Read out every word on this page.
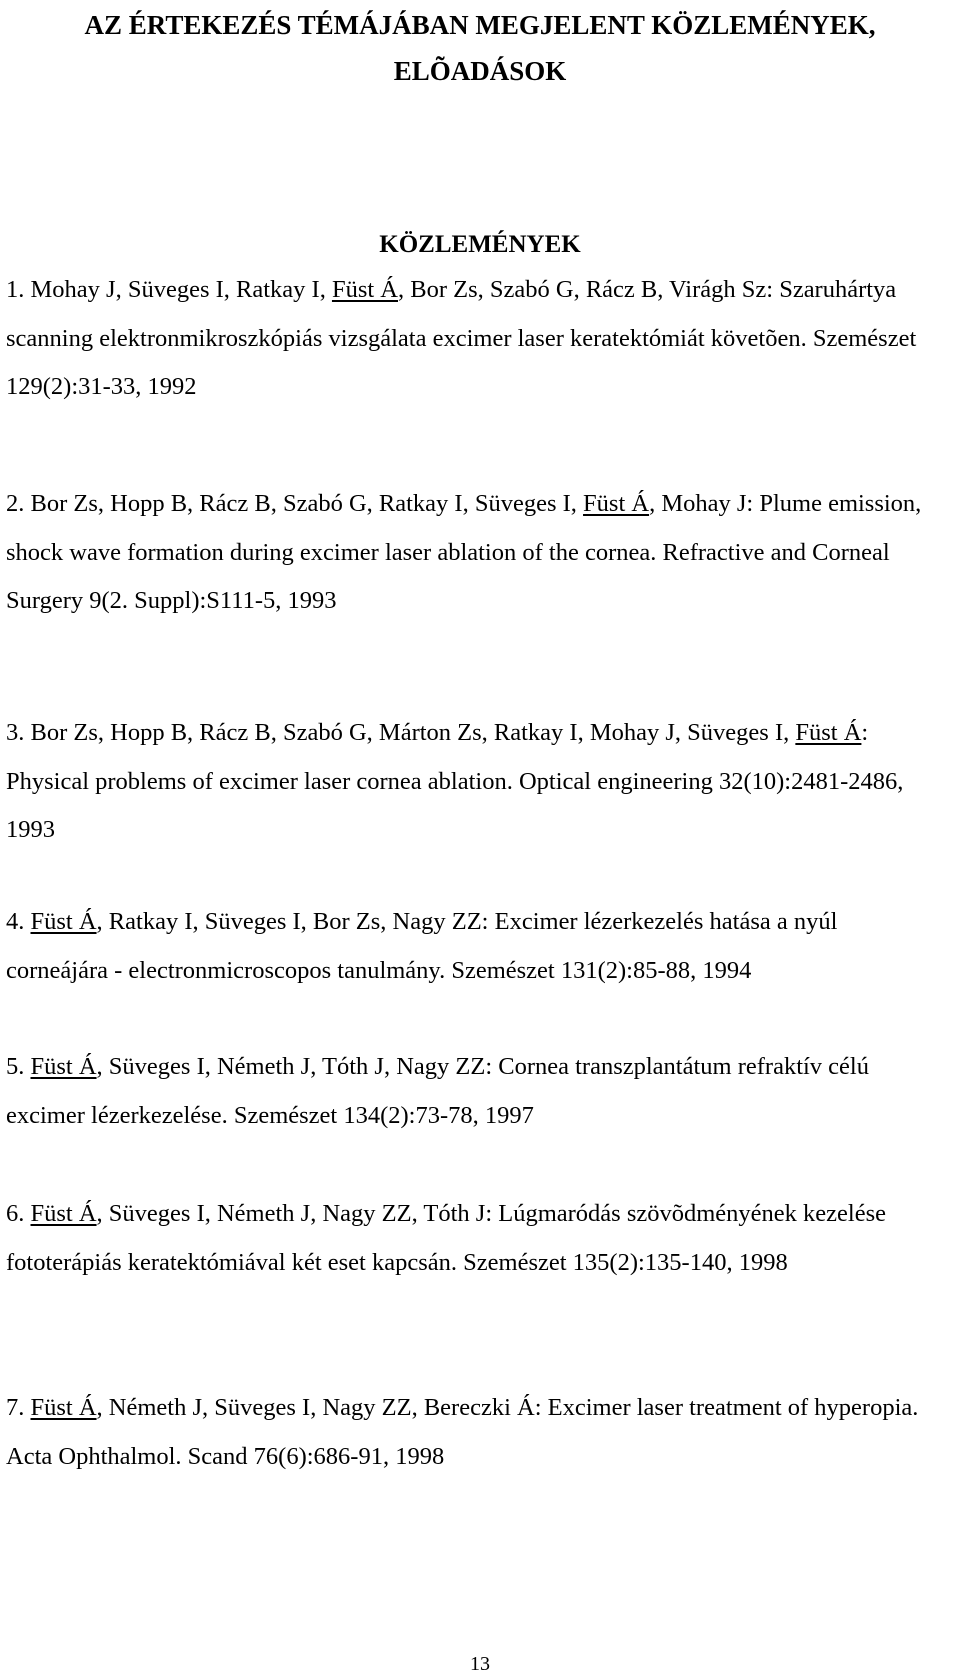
AZ ÉRTEKEZÉS TÉMÁJÁBAN MEGJELENT KÖZLEMÉNYEK,
ELÕADÁSOK
KÖZLEMÉNYEK

1. Mohay J, Süveges I, Ratkay I, Füst Á, Bor Zs, Szabó G, Rácz B, Virágh Sz: Szaruhártya scanning elektronmikroszkópiás vizsgálata excimer laser keratektómiát követõen. Szemészet 129(2):31-33, 1992

2. Bor Zs, Hopp B, Rácz B, Szabó G, Ratkay I, Süveges I, Füst Á, Mohay J: Plume emission, shock wave formation during excimer laser ablation of the cornea. Refractive and Corneal Surgery 9(2. Suppl):S111-5, 1993

3. Bor Zs, Hopp B, Rácz B, Szabó G, Márton Zs, Ratkay I, Mohay J, Süveges I, Füst Á: Physical problems of excimer laser cornea ablation. Optical engineering 32(10):2481-2486, 1993

4. Füst Á, Ratkay I, Süveges I, Bor Zs, Nagy ZZ: Excimer lézerkezelés hatása a nyúl corneájára - electronmicroscopos tanulmány. Szemészet 131(2):85-88, 1994

5. Füst Á, Süveges I, Németh J, Tóth J, Nagy ZZ: Cornea transzplantátum refraktív célú excimer lézerkezelése. Szemészet 134(2):73-78, 1997

6. Füst Á, Süveges I, Németh J, Nagy ZZ, Tóth J: Lúgmaródás szövõdményének kezelése fototerápiás keratektómiával két eset kapcsán. Szemészet 135(2):135-140, 1998

7. Füst Á, Németh J, Süveges I, Nagy ZZ, Bereczki Á: Excimer laser treatment of hyperopia. Acta Ophthalmol. Scand 76(6):686-91, 1998

13
